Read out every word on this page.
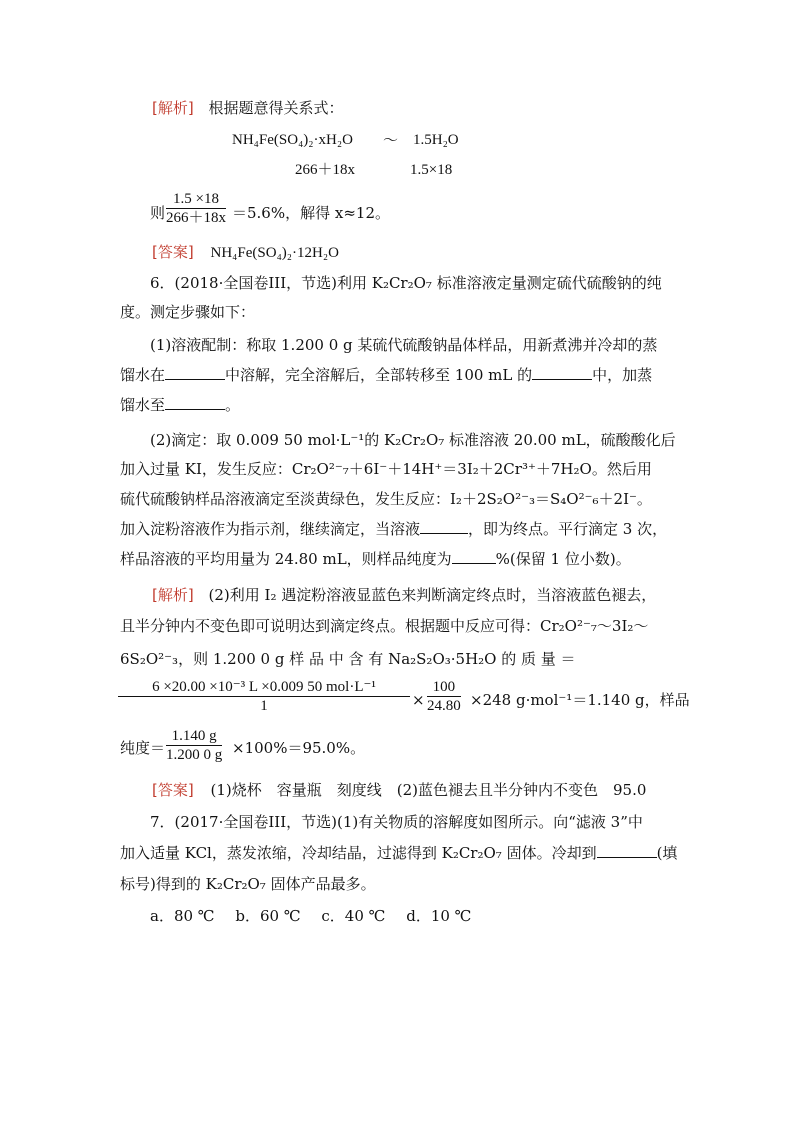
[解析] 根据题意得关系式：
NH₄Fe(SO₄)₂·xH₂O ～ 1.5H₂O
266＋18x	1.5×18
则
1.5 ×18
266＋18x ＝5.6%，解得 x≈12。
[答案] NH₄Fe(SO₄)₂·12H₂O
6．(2018·全国卷III，节选)利用 K₂Cr₂O₇ 标准溶液定量测定硫代硫酸钠的纯
度。测定步骤如下：
(1)溶液配制：称取 1.200 0 g 某硫代硫酸钠晶体样品，用新煮沸并冷却的蒸
馏水在	中溶解，完全溶解后，全部转移至 100 mL 的	中，加蒸
馏水至	。
(2)滴定：取 0.009 50 mol·L⁻¹的 K₂Cr₂O₇ 标准溶液 20.00 mL，硫酸酸化后
加入过量 KI，发生反应：Cr₂O²⁻₇＋6I⁻＋14H⁺＝3I₂＋2Cr³⁺＋7H₂O。然后用
硫代硫酸钠样品溶液滴定至淡黄绿色，发生反应：I₂＋2S₂O²⁻₃＝S₄O²⁻₆＋2I⁻。
加入淀粉溶液作为指示剂，继续滴定，当溶液	，即为终点。平行滴定 3 次，
样品溶液的平均用量为 24.80 mL，则样品纯度为	%(保留 1 位小数)。
[解析] (2)利用 I₂ 遇淀粉溶液显蓝色来判断滴定终点时，当溶液蓝色褪去，
且半分钟内不变色即可说明达到滴定终点。根据题中反应可得：Cr₂O²⁻₇～3I₂～
6S₂O²⁻₃，则 1.200 0 g 样 品 中 含 有 Na₂S₂O₃·5H₂O 的 质 量 ＝
6 ×20.00 ×10⁻³ L ×0.009 50 mol·L⁻¹
1	×
100
24.80 ×248 g·mol⁻¹＝1.140 g，样品
纯度＝
1.140 g
1.200 0 g ×100%＝95.0%。
[答案] (1)烧杯　容量瓶　刻度线　(2)蓝色褪去且半分钟内不变色　95.0
7．(2017·全国卷III，节选)(1)有关物质的溶解度如图所示。向“滤液 3”中
加入适量 KCl，蒸发浓缩，冷却结晶，过滤得到 K₂Cr₂O₇ 固体。冷却到	(填
标号)得到的 K₂Cr₂O₇ 固体产品最多。
a．80 ℃ b．60 ℃ c．40 ℃ d．10 ℃
